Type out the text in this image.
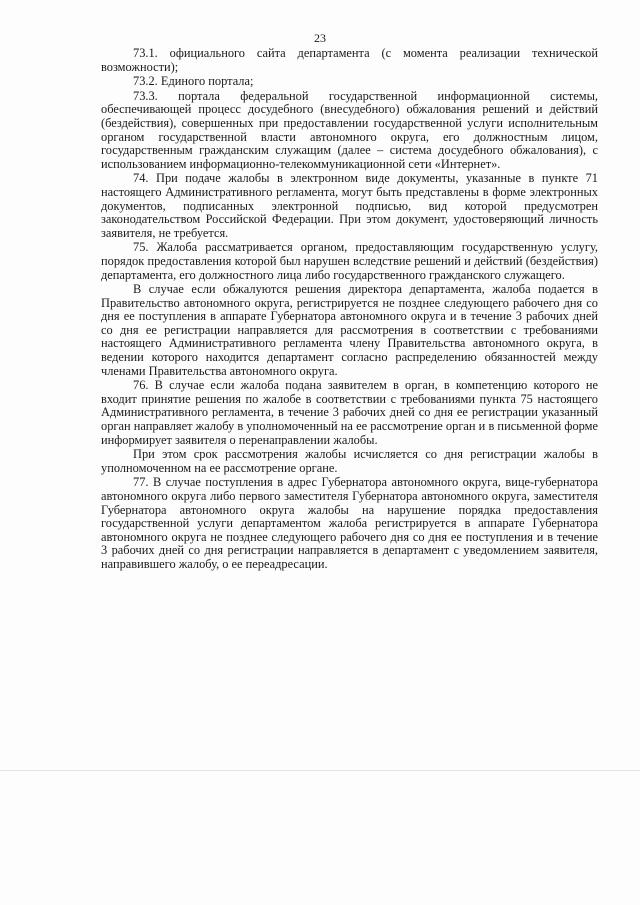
23

73.1. официального сайта департамента (с момента реализации технической возможности);

73.2. Единого портала;

73.3. портала федеральной государственной информационной системы, обеспечивающей процесс досудебного (внесудебного) обжалования решений и действий (бездействия), совершенных при предоставлении государственной услуги исполнительным органом государственной власти автономного округа, его должностным лицом, государственным гражданским служащим (далее – система досудебного обжалования), с использованием информационно-телекоммуникационной сети «Интернет».

74. При подаче жалобы в электронном виде документы, указанные в пункте 71 настоящего Административного регламента, могут быть представлены в форме электронных документов, подписанных электронной подписью, вид которой предусмотрен законодательством Российской Федерации. При этом документ, удостоверяющий личность заявителя, не требуется.

75. Жалоба рассматривается органом, предоставляющим государственную услугу, порядок предоставления которой был нарушен вследствие решений и действий (бездействия) департамента, его должностного лица либо государственного гражданского служащего.

В случае если обжалуются решения директора департамента, жалоба подается в Правительство автономного округа, регистрируется не позднее следующего рабочего дня со дня ее поступления в аппарате Губернатора автономного округа и в течение 3 рабочих дней со дня ее регистрации направляется для рассмотрения в соответствии с требованиями настоящего Административного регламента члену Правительства автономного округа, в ведении которого находится департамент согласно распределению обязанностей между членами Правительства автономного округа.

76. В случае если жалоба подана заявителем в орган, в компетенцию которого не входит принятие решения по жалобе в соответствии с требованиями пункта 75 настоящего Административного регламента, в течение 3 рабочих дней со дня ее регистрации указанный орган направляет жалобу в уполномоченный на ее рассмотрение орган и в письменной форме информирует заявителя о перенаправлении жалобы.

При этом срок рассмотрения жалобы исчисляется со дня регистрации жалобы в уполномоченном на ее рассмотрение органе.

77. В случае поступления в адрес Губернатора автономного округа, вице-губернатора автономного округа либо первого заместителя Губернатора автономного округа, заместителя Губернатора автономного округа жалобы на нарушение порядка предоставления государственной услуги департаментом жалоба регистрируется в аппарате Губернатора автономного округа не позднее следующего рабочего дня со дня ее поступления и в течение 3 рабочих дней со дня регистрации направляется в департамент с уведомлением заявителя, направившего жалобу, о ее переадресации.
